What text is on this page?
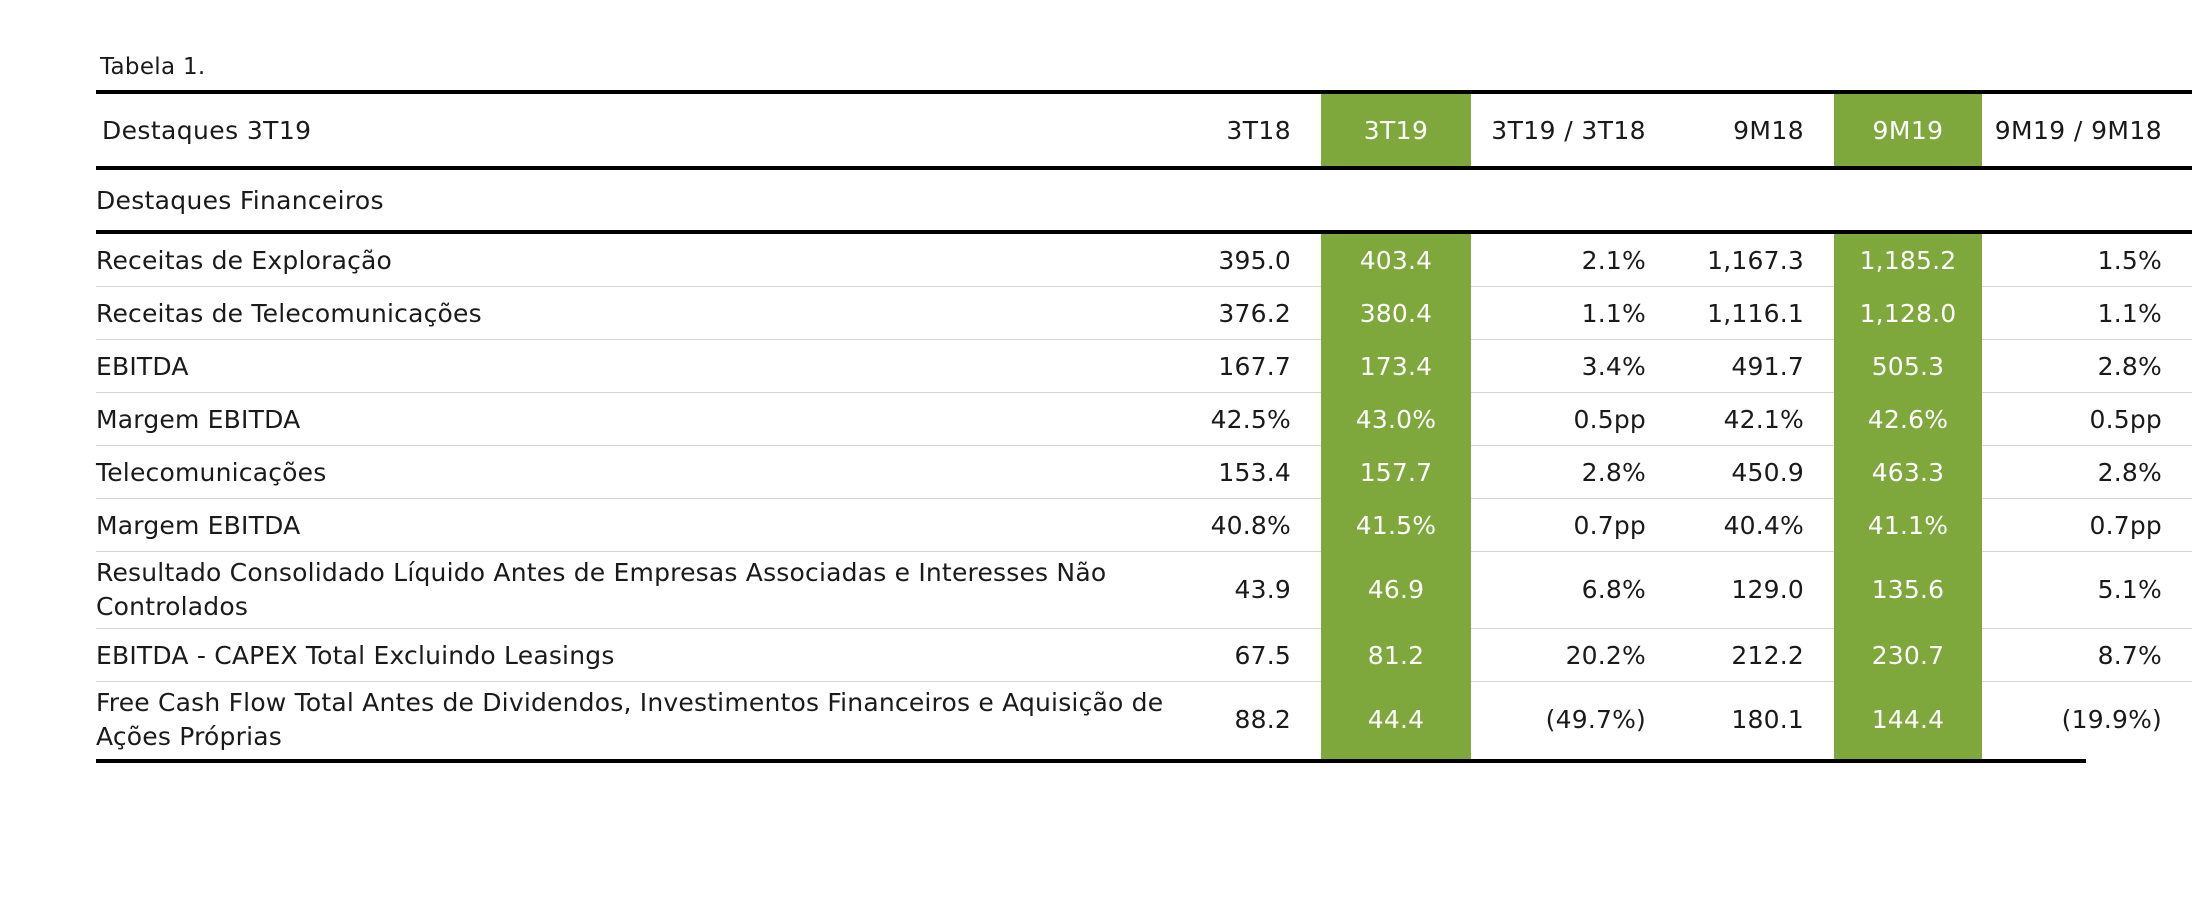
Tabela 1.
Destaques 3T19	3T18	3T19	3T19 / 3T18	9M18	9M19	9M19 / 9M18
Destaques Financeiros						
Receitas de Exploração	395.0	403.4	2.1%	1,167.3	1,185.2	1.5%
Receitas de Telecomunicações	376.2	380.4	1.1%	1,116.1	1,128.0	1.1%
EBITDA	167.7	173.4	3.4%	491.7	505.3	2.8%
Margem EBITDA	42.5%	43.0%	0.5pp	42.1%	42.6%	0.5pp
Telecomunicações	153.4	157.7	2.8%	450.9	463.3	2.8%
Margem EBITDA	40.8%	41.5%	0.7pp	40.4%	41.1%	0.7pp
Resultado Consolidado Líquido Antes de Empresas Associadas e Interesses Não Controlados	43.9	46.9	6.8%	129.0	135.6	5.1%
EBITDA - CAPEX Total Excluindo Leasings	67.5	81.2	20.2%	212.2	230.7	8.7%
Free Cash Flow Total Antes de Dividendos, Investimentos Financeiros e Aquisição de Ações Próprias	88.2	44.4	(49.7%)	180.1	144.4	(19.9%)
